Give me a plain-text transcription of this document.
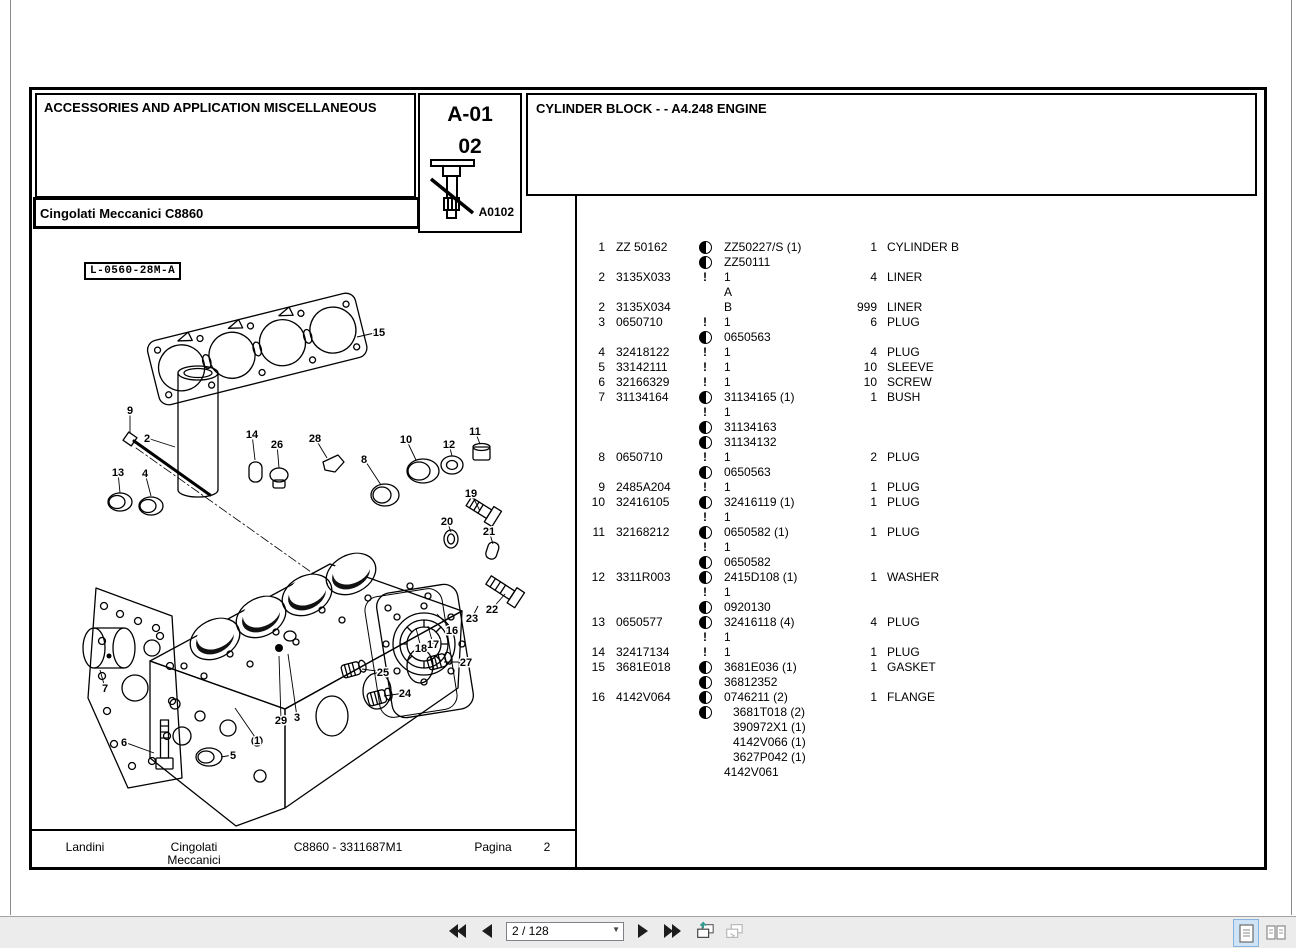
ACCESSORIES AND APPLICATION MISCELLANEOUS
Cingolati Meccanici C8860
A-01
02
A0102
CYLINDER BLOCK - - A4.248 ENGINE
L-0560-28M-A
1
2
3
4
5
6
7
8
9
10
11
12
13
14
15
16
17
18
19
20
21
22
23
24
25
26
27
28
29
1 ZZ 50162	ZZ50227/S (1)	1 CYLINDER B
ZZ50111
2 3135X033	!	1	4 LINER
A
2 3135X034	B	999 LINER
3 0650710	!	1	6 PLUG
0650563
4 32418122	!	1	4 PLUG
5 33142111	!	1	10 SLEEVE
6 32166329	!	1	10 SCREW
7 31134164	31134165 (1)	1 BUSH
!	1
31134163
31134132
8 0650710	!	1	2 PLUG
0650563
9 2485A204	!	1	1 PLUG
10 32416105	32416119 (1)	1 PLUG
!	1
11 32168212	0650582 (1)	1 PLUG
!	1
0650582
12 3311R003	2415D108 (1)	1 WASHER
!	1
0920130
13 0650577	32416118 (4)	4 PLUG
!	1
14 32417134	!	1	1 PLUG
15 3681E018	3681E036 (1)	1 GASKET
36812352
16 4142V064	0746211 (2)	1 FLANGE
3681T018 (2)
390972X1 (1)
4142V066 (1)
3627P042 (1)
4142V061
Landini	Cingolati
Meccanici
C8860 - 3311687M1	Pagina	2
2 / 128
▼
